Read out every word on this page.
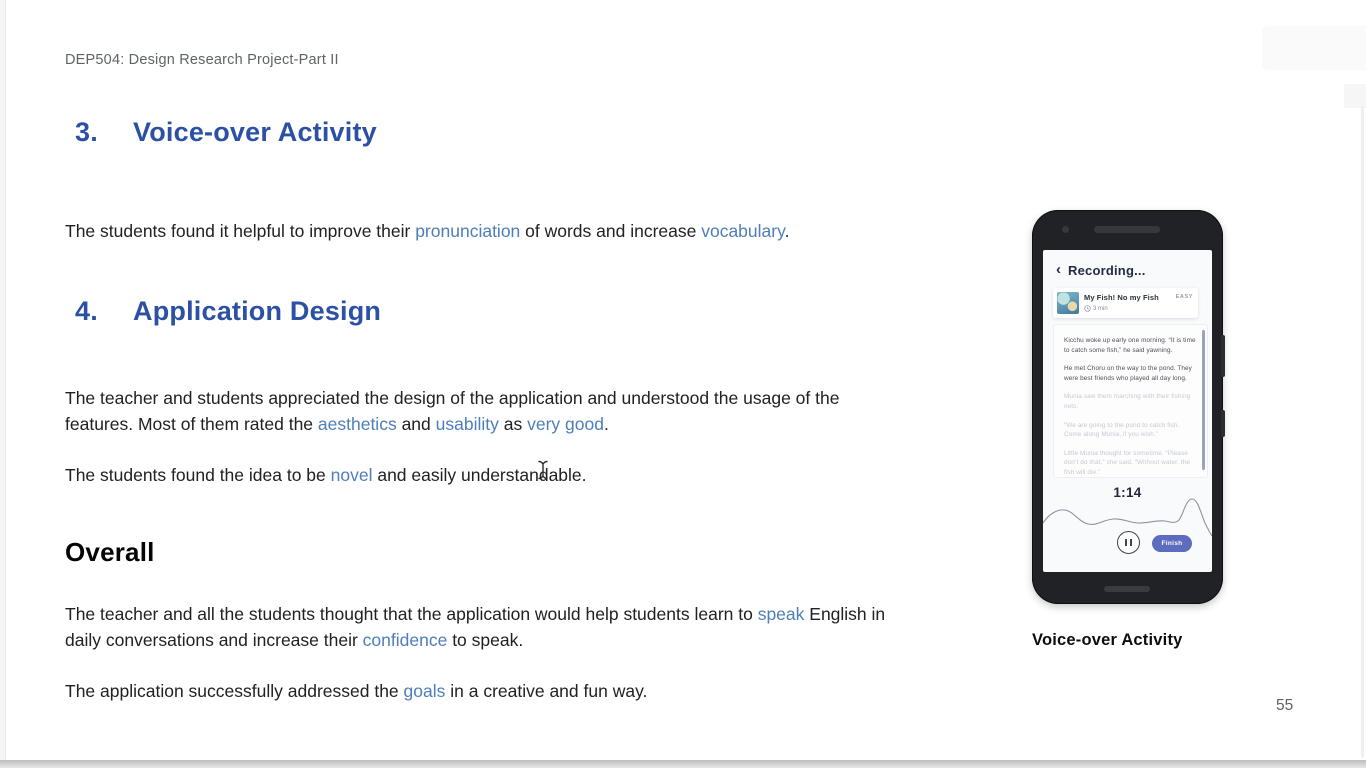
DEP504: Design Research Project-Part II
3.	Voice-over Activity

The students found it helpful to improve their pronunciation of words and increase vocabulary.

4.	Application Design

The teacher and students appreciated the design of the application and understood the usage of the
features. Most of them rated the aesthetics and usability as very good.

The students found the idea to be novel and easily understandable.

Overall

The teacher and all the students thought that the application would help students learn to speak English in
daily conversations and increase their confidence to speak.

The application successfully addressed the goals in a creative and fun way.

55
‹ Recording...
My Fish! No my Fish
3 min
EASY

Kicchu woke up early one morning. “It is time to catch some fish,” he said yawning.

He met Choru on the way to the pond. They were best friends who played all day long.

Munia saw them marching with their fishing nets.

“We are going to the pond to catch fish. Come along Munia, if you wish.”

Little Munia thought for sometime. “Please don’t do that,” she said. “Without water, the fish will die.”

1:14
Finish
Voice-over Activity
